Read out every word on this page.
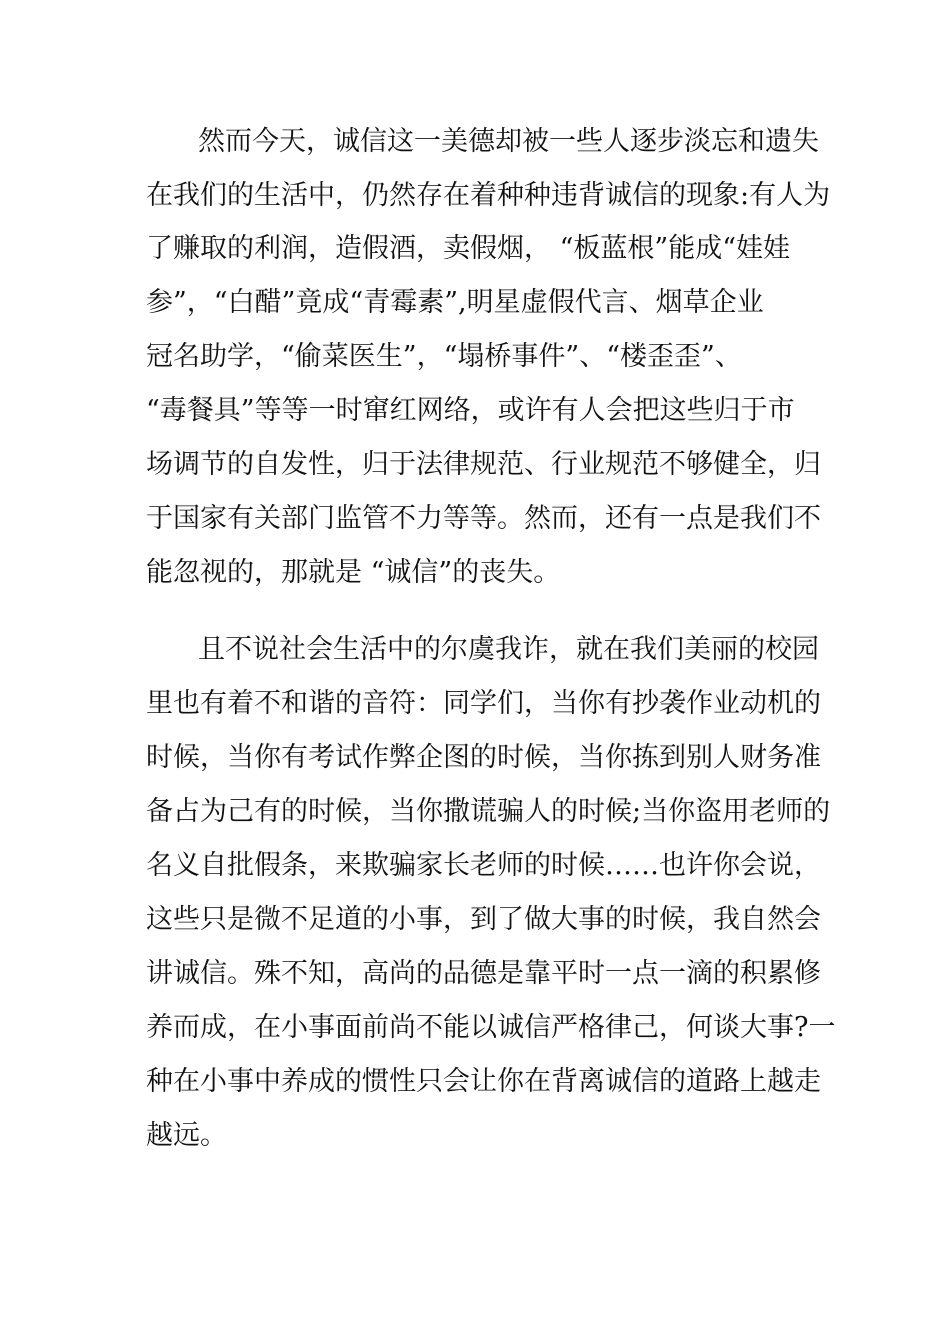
然而今天，诚信这一美德却被一些人逐步淡忘和遗失
在我们的生活中，仍然存在着种种违背诚信的现象:有人为
了赚取的利润，造假酒，卖假烟， “板蓝根”能成“娃娃
参”，“白醋”竟成“青霉素”,明星虚假代言、烟草企业
冠名助学，“偷菜医生”，“塌桥事件”、“楼歪歪”、
“毒餐具”等等一时窜红网络，或许有人会把这些归于市
场调节的自发性，归于法律规范、行业规范不够健全，归
于国家有关部门监管不力等等。然而，还有一点是我们不
能忽视的，那就是 “诚信”的丧失。
且不说社会生活中的尔虞我诈，就在我们美丽的校园
里也有着不和谐的音符：同学们，当你有抄袭作业动机的
时候，当你有考试作弊企图的时候，当你拣到别人财务准
备占为己有的时候，当你撒谎骗人的时候;当你盗用老师的
名义自批假条，来欺骗家长老师的时候……也许你会说，
这些只是微不足道的小事，到了做大事的时候，我自然会
讲诚信。殊不知，高尚的品德是靠平时一点一滴的积累修
养而成，在小事面前尚不能以诚信严格律己，何谈大事?一
种在小事中养成的惯性只会让你在背离诚信的道路上越走
越远。
